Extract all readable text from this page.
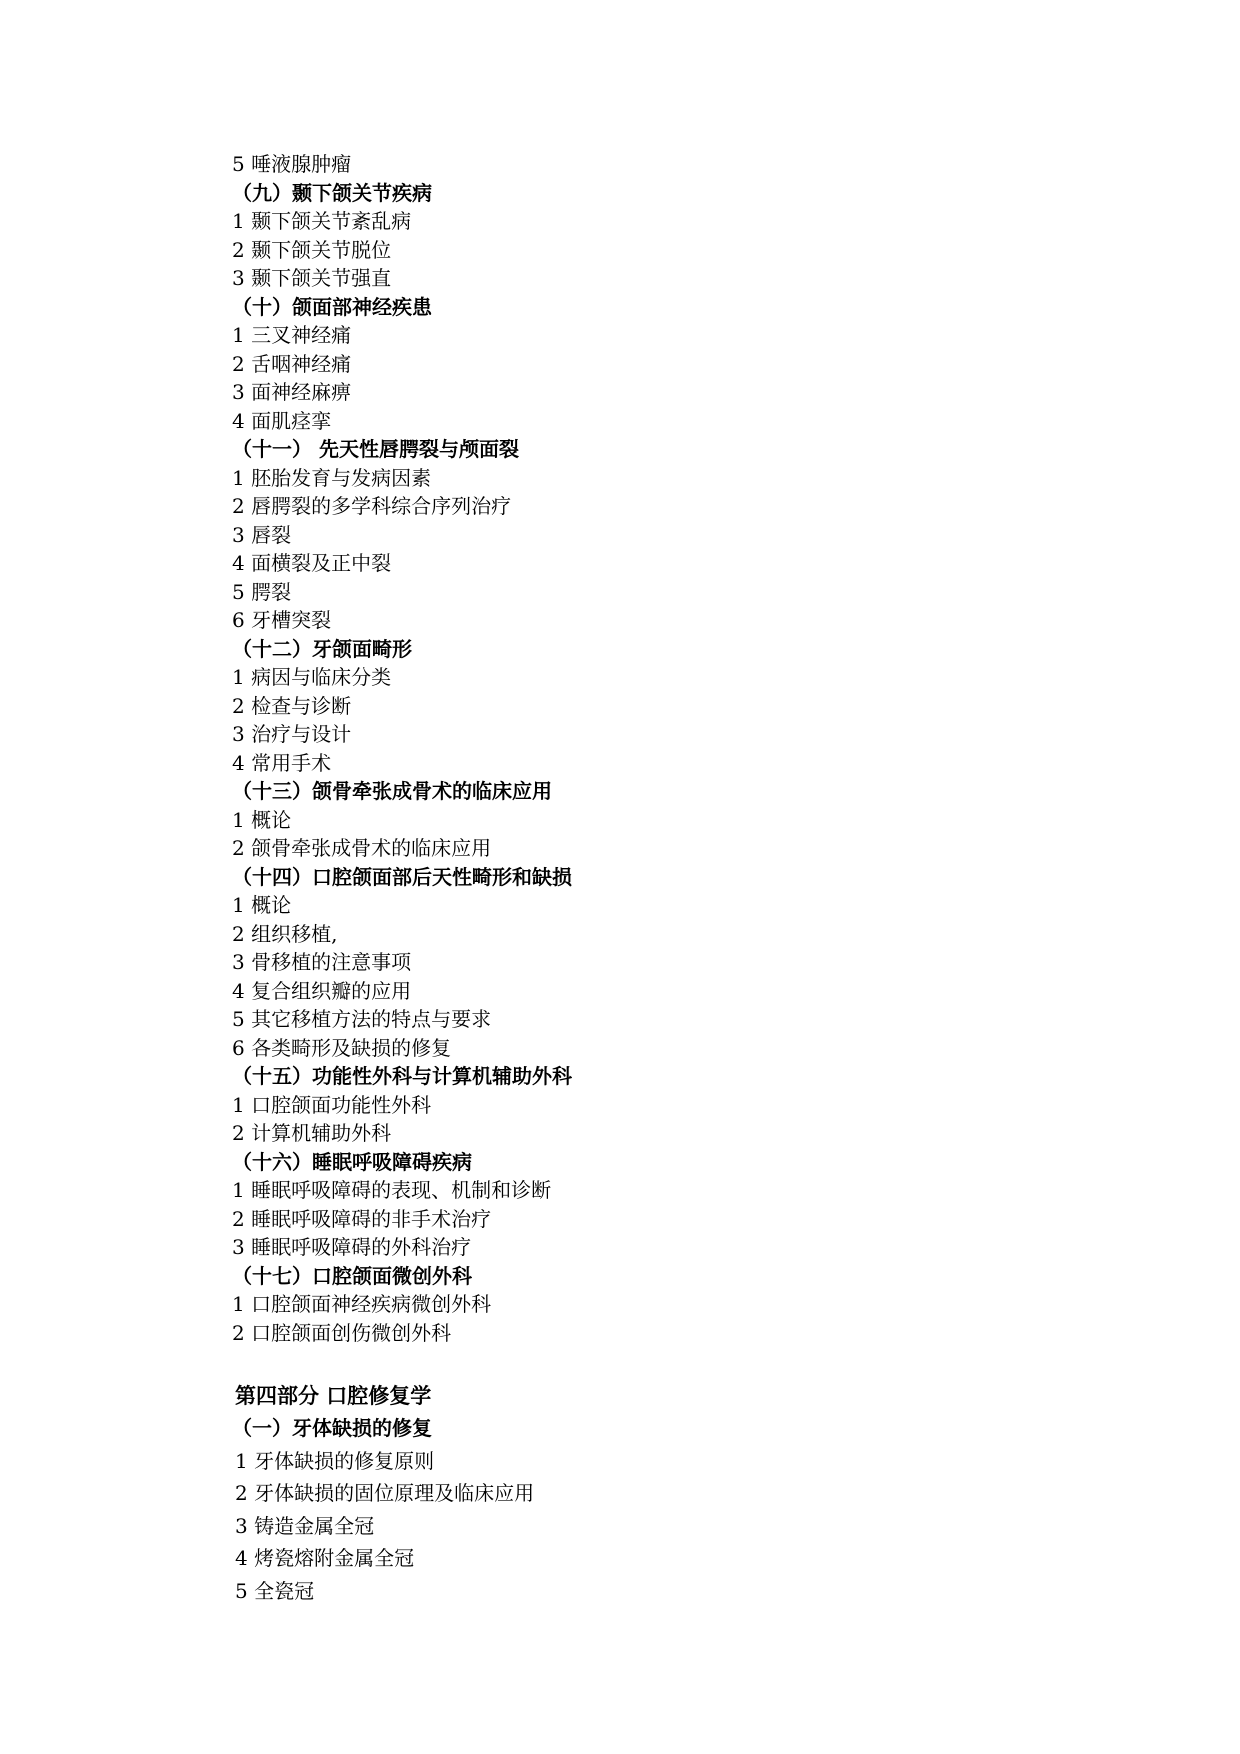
5 唾液腺肿瘤
（九）颞下颌关节疾病
1 颞下颌关节紊乱病
2 颞下颌关节脱位
3 颞下颌关节强直
（十）颌面部神经疾患
1 三叉神经痛
2 舌咽神经痛
3 面神经麻痹
4 面肌痉挛
（十一） 先天性唇腭裂与颅面裂
1 胚胎发育与发病因素
2 唇腭裂的多学科综合序列治疗
3 唇裂
4 面横裂及正中裂
5 腭裂
6 牙槽突裂
（十二）牙颌面畸形
1 病因与临床分类
2 检查与诊断
3 治疗与设计
4 常用手术
（十三）颌骨牵张成骨术的临床应用
1 概论
2 颌骨牵张成骨术的临床应用
（十四）口腔颌面部后天性畸形和缺损
1 概论
2 组织移植,
3 骨移植的注意事项
4 复合组织瓣的应用
5 其它移植方法的特点与要求
6 各类畸形及缺损的修复
（十五）功能性外科与计算机辅助外科
1 口腔颌面功能性外科
2 计算机辅助外科
（十六）睡眠呼吸障碍疾病
1 睡眠呼吸障碍的表现、机制和诊断
2 睡眠呼吸障碍的非手术治疗
3 睡眠呼吸障碍的外科治疗
（十七）口腔颌面微创外科
1 口腔颌面神经疾病微创外科
2 口腔颌面创伤微创外科
第四部分 口腔修复学
（一）牙体缺损的修复
1 牙体缺损的修复原则
2 牙体缺损的固位原理及临床应用
3 铸造金属全冠
4 烤瓷熔附金属全冠
5 全瓷冠
